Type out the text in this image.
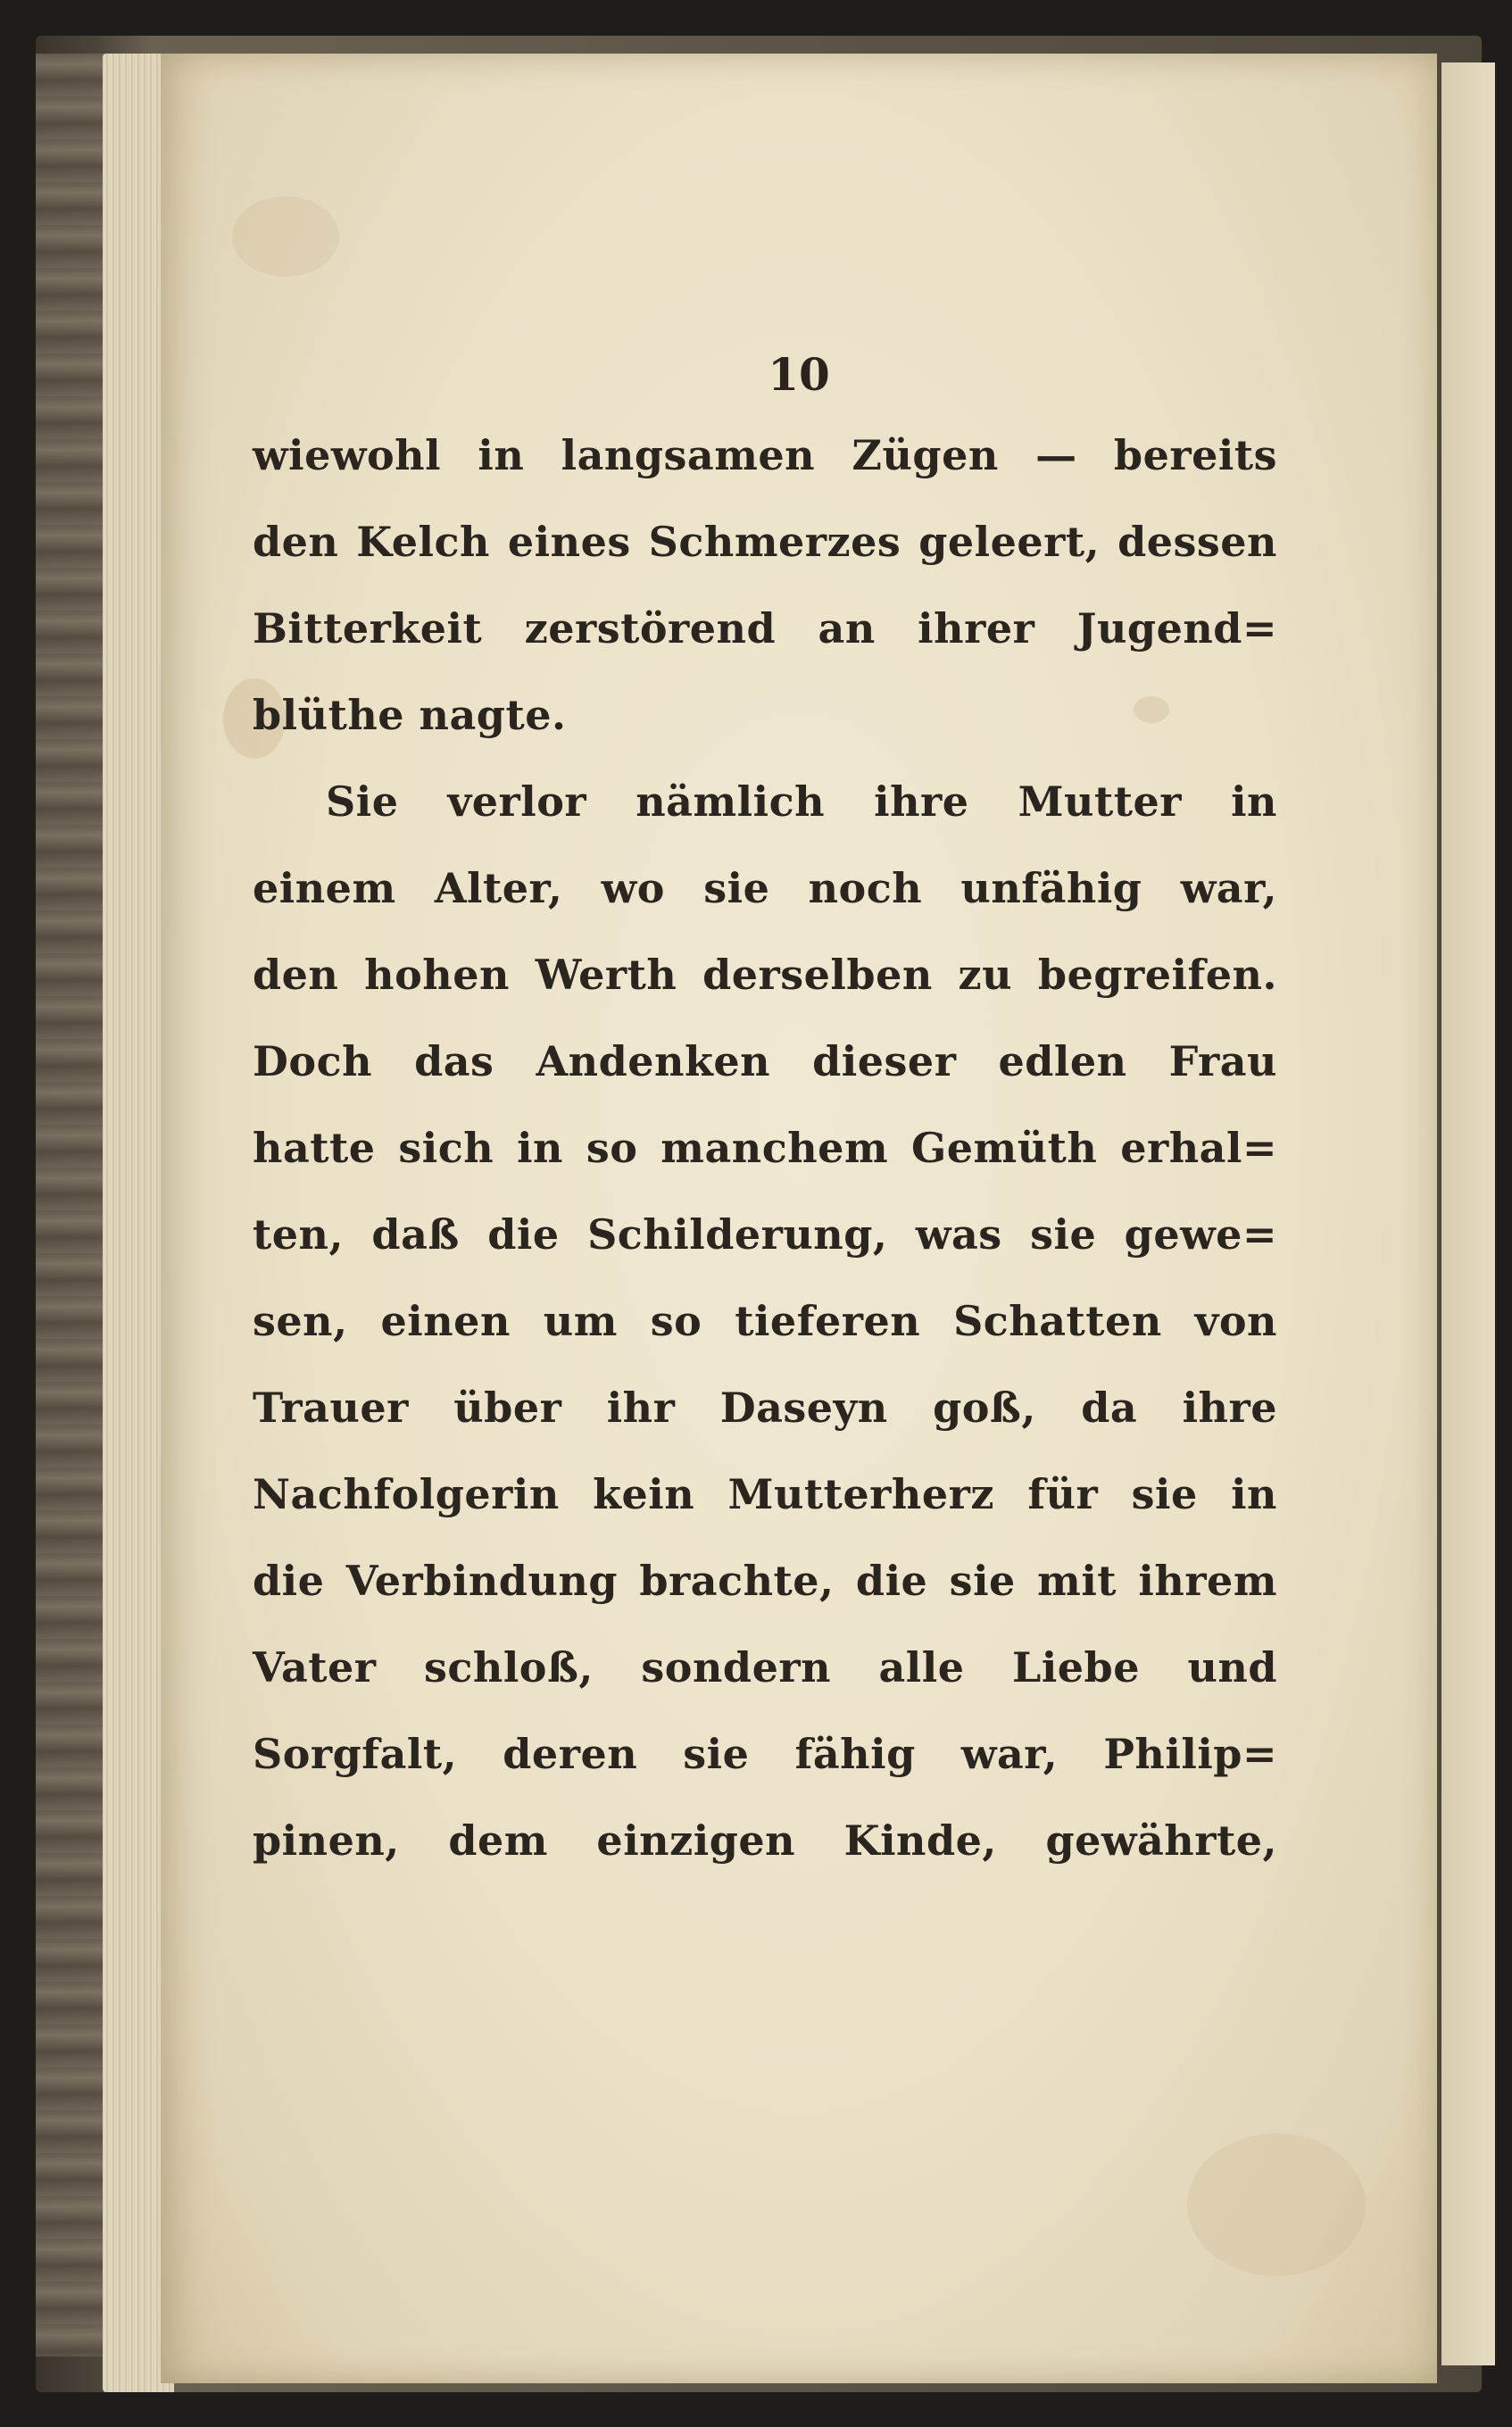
10
wiewohl in langsamen Zügen — bereits
den Kelch eines Schmerzes geleert, dessen
Bitterkeit zerstörend an ihrer Jugend=
blüthe nagte.
Sie verlor nämlich ihre Mutter in
einem Alter, wo sie noch unfähig war,
den hohen Werth derselben zu begreifen.
Doch das Andenken dieser edlen Frau
hatte sich in so manchem Gemüth erhal=
ten, daß die Schilderung, was sie gewe=
sen, einen um so tieferen Schatten von
Trauer über ihr Daseyn goß, da ihre
Nachfolgerin kein Mutterherz für sie in
die Verbindung brachte, die sie mit ihrem
Vater schloß, sondern alle Liebe und
Sorgfalt, deren sie fähig war, Philip=
pinen, dem einzigen Kinde, gewährte,
